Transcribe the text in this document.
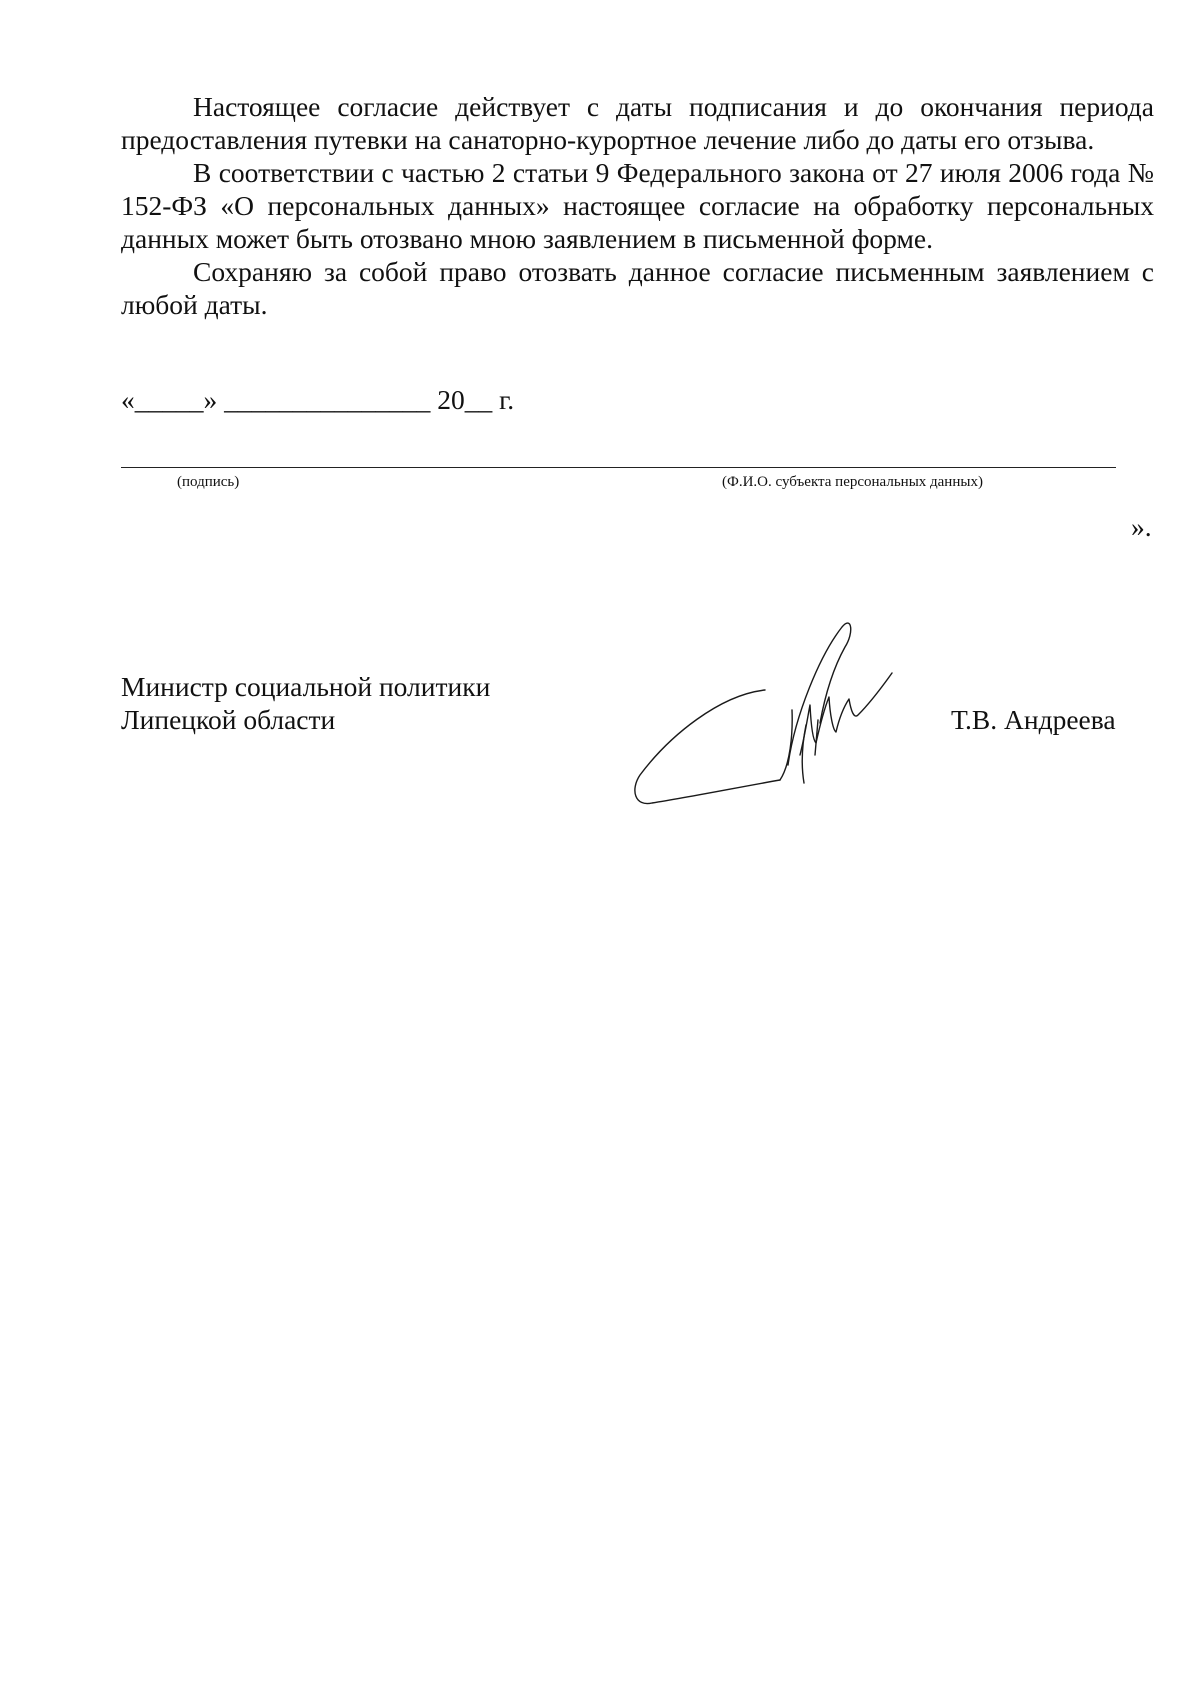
Настоящее согласие действует с даты подписания и до окончания периода предоставления путевки на санаторно-курортное лечение либо до даты его отзыва.

В соответствии с частью 2 статьи 9 Федерального закона от 27 июля 2006 года № 152-ФЗ «О персональных данных» настоящее согласие на обработку персональных данных может быть отозвано мною заявлением в письменной форме.

Сохраняю за собой право отозвать данное согласие письменным заявлением с любой даты.

«_____» _______________ 20__ г.
(подпись)	(Ф.И.О. субъекта персональных данных)
».
Министр социальной политики
Липецкой области	Т.В. Андреева
